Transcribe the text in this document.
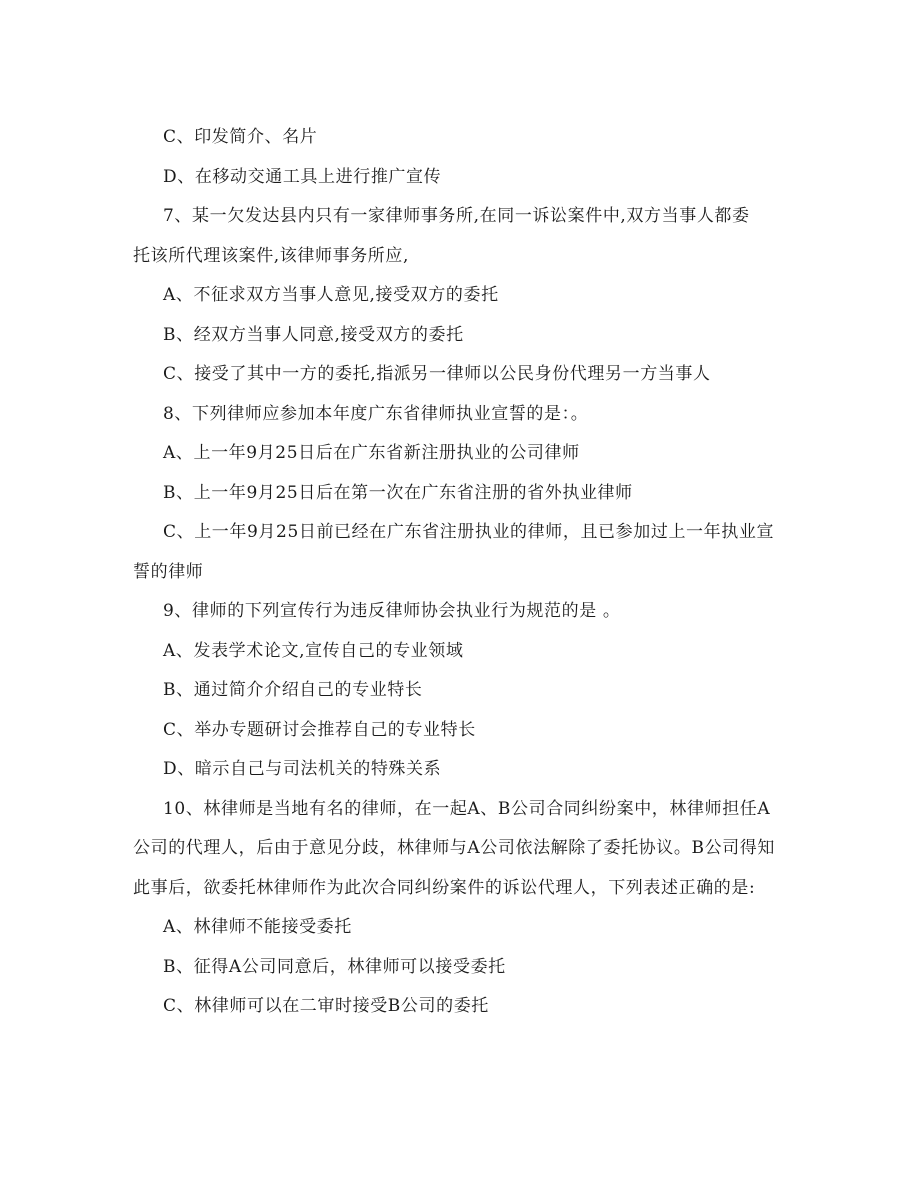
C、印发简介、名片
D、在移动交通工具上进行推广宣传
7、某一欠发达县内只有一家律师事务所,在同一诉讼案件中,双方当事人都委
托该所代理该案件,该律师事务所应,
A、不征求双方当事人意见,接受双方的委托
B、经双方当事人同意,接受双方的委托
C、接受了其中一方的委托,指派另一律师以公民身份代理另一方当事人
8、下列律师应参加本年度广东省律师执业宣誓的是：。
A、上一年9月25日后在广东省新注册执业的公司律师
B、上一年9月25日后在第一次在广东省注册的省外执业律师
C、上一年9月25日前已经在广东省注册执业的律师，且已参加过上一年执业宣
誓的律师
9、律师的下列宣传行为违反律师协会执业行为规范的是 。
A、发表学术论文,宣传自己的专业领域
B、通过简介介绍自己的专业特长
C、举办专题研讨会推荐自己的专业特长
D、暗示自己与司法机关的特殊关系
10、林律师是当地有名的律师，在一起A、B公司合同纠纷案中，林律师担任A
公司的代理人，后由于意见分歧，林律师与A公司依法解除了委托协议。B公司得知
此事后，欲委托林律师作为此次合同纠纷案件的诉讼代理人，下列表述正确的是:
A、林律师不能接受委托
B、征得A公司同意后，林律师可以接受委托
C、林律师可以在二审时接受B公司的委托
